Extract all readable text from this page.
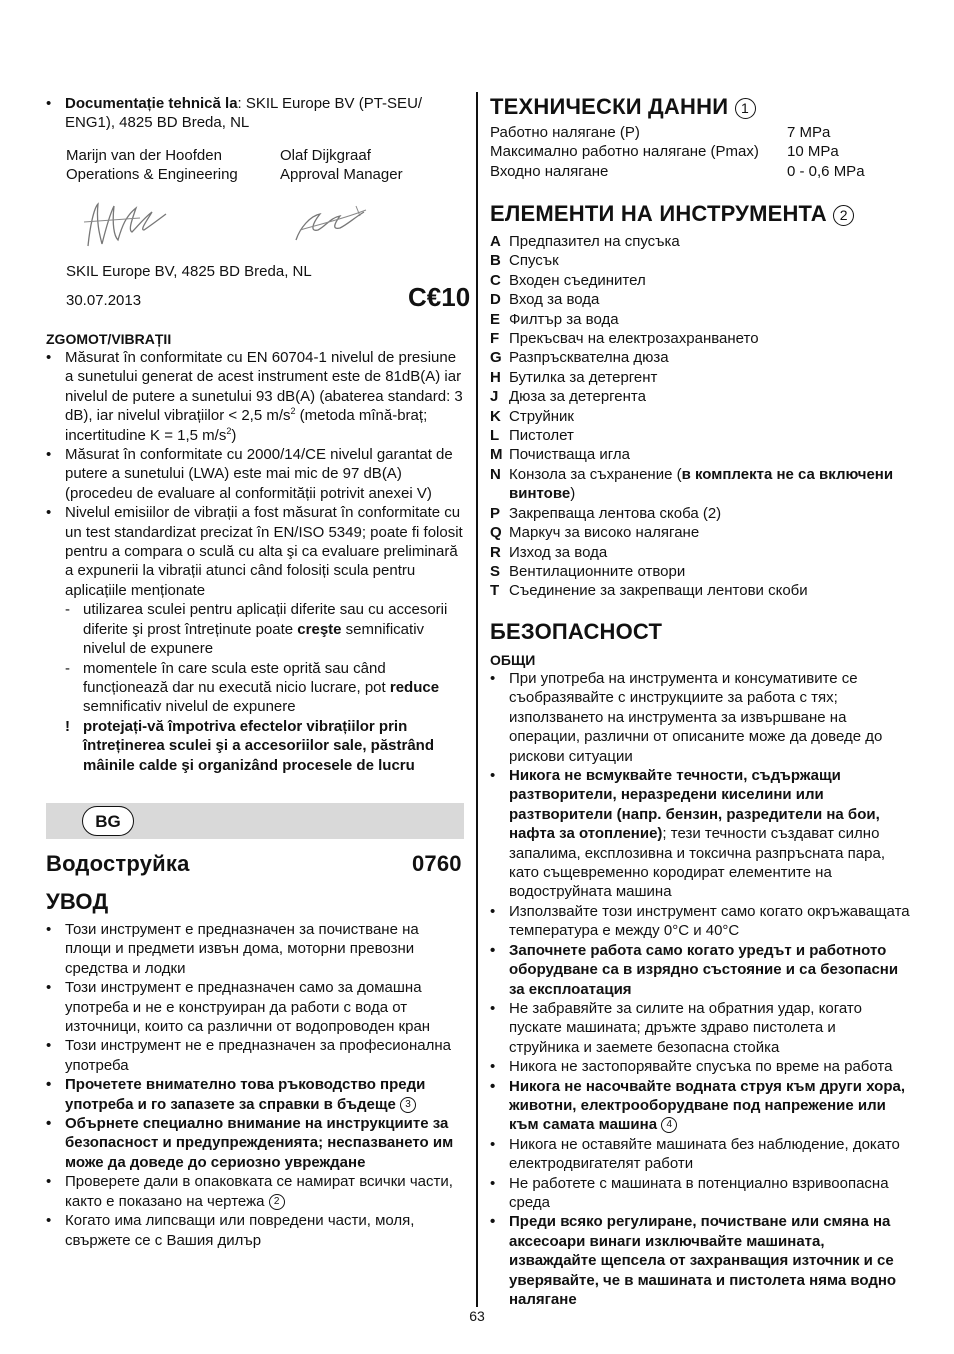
• Documentație tehnică la: SKIL Europe BV (PT-SEU/ ENG1), 4825 BD Breda, NL
Marijn van der Hoofden
Operations & Engineering
Olaf Dijkgraaf
Approval Manager
SKIL Europe BV, 4825 BD Breda, NL
30.07.2013	C€10
ZGOMOT/VIBRAȚII
• Măsurat în conformitate cu EN 60704-1 nivelul de presiune a sunetului generat de acest instrument este de 81dB(A) iar nivelul de putere a sunetului 93 dB(A) (abaterea standard: 3 dB), iar nivelul vibrațiilor < 2,5 $m/s^2$ (metoda mînă-braț; incertitudine K = 1,5 $m/s^2$)
• Măsurat în conformitate cu 2000/14/CE nivelul garantat de putere a sunetului (LWA) este mai mic de 97 dB(A) (procedeu de evaluare al conformității potrivit anexei V)
• Nivelul emisiilor de vibrații a fost măsurat în conformitate cu un test standardizat precizat în EN/ISO 5349; poate fi folosit pentru a compara o sculă cu alta şi ca evaluare preliminară a expunerii la vibrații atunci când folosiți scula pentru aplicațiile menționate
- utilizarea sculei pentru aplicații diferite sau cu accesorii diferite şi prost întreținute poate creşte semnificativ nivelul de expunere
- momentele în care scula este oprită sau când funcționează dar nu execută nicio lucrare, pot reduce semnificativ nivelul de expunere
! protejați-vă împotriva efectelor vibrațiilor prin întreținerea sculei şi a accesoriilor sale, păstrând mâinile calde şi organizând procesele de lucru
BG
Водоструйка	0760
УВОД
• Този инструмент е предназначен за почистване на площи и предмети извън дома, моторни превозни средства и лодки
• Този инструмент е предназначен само за домашна употреба и не е конструиран да работи с вода от източници, които са различни от водопроводен кран
• Този инструмент не е предназначен за професионална употреба
• Прочетете внимателно това ръководство преди употреба и го запазете за справки в бъдеще 3
• Обърнете специално внимание на инструкциите за безопасност и предупрежденията; неспазването им може да доведе до сериозно увреждане
• Проверете дали в опаковката се намират всички части, както е показано на чертежа 2
• Когато има липсващи или повредени части, моля, свържете се с Вашия дилър
ТЕХНИЧЕСКИ ДАННИ 1
Работно налягане (P)	7 MPa
Максимално работно налягане (Pmax)	10 MPa
Входно налягане	0 - 0,6 MPa
ЕЛЕМЕНТИ НА ИНСТРУМЕНТА 2
A Предпазител на спусъка
B Спусък
C Входен съединител
D Вход за вода
E Филтър за вода
F Прекъсвач на електрозахранването
G Разпръсквателна дюза
H Бутилка за детергент
J Дюза за детергента
K Струйник
L Пистолет
M Почистваща игла
N Конзола за съхранение (в комплекта не са включени винтове)
P Закрепваща лентова скоба (2)
Q Маркуч за високо налягане
R Изход за вода
S Вентилационните отвори
T Съединение за закрепващи лентови скоби
БЕЗОПАСНОСТ
ОБЩИ
• При употреба на инструмента и консумативите се съобразявайте с инструкциите за работа с тях; използването на инструмента за извършване на операции, различни от описаните може да доведе до рискови ситуации
• Никога не всмуквайте течности, съдържащи разтворители, неразредени киселини или разтворители (напр. бензин, разредители на бои, нафта за отопление); тези течности създават силно запалима, експлозивна и токсична разпръсната пара, като същевременно кородират елементите на водоструйната машина
• Използвайте този инструмент само когато окръжаващата температура е между 0°C и 40°C
• Започнете работа само когато уредът и работното оборудване са в изрядно състояние и са безопасни за експлоатация
• Не забравяйте за силите на обратния удар, когато пускате машината; дръжте здраво пистолета и струйника и заемете безопасна стойка
• Никога не застопорявайте спусъка по време на работа
• Никога не насочвайте водната струя към други хора, животни, електрооборудване под напрежение или към самата машина 4
• Никога не оставяйте машината без наблюдение, докато електродвигателят работи
• Не работете с машината в потенциално взривоопасна среда
• Преди всяко регулиране, почистване или смяна на аксесоари винаги изключвайте машината, изваждайте щепсела от захранващия източник и се уверявайте, че в машината и пистолета няма водно налягане
63
